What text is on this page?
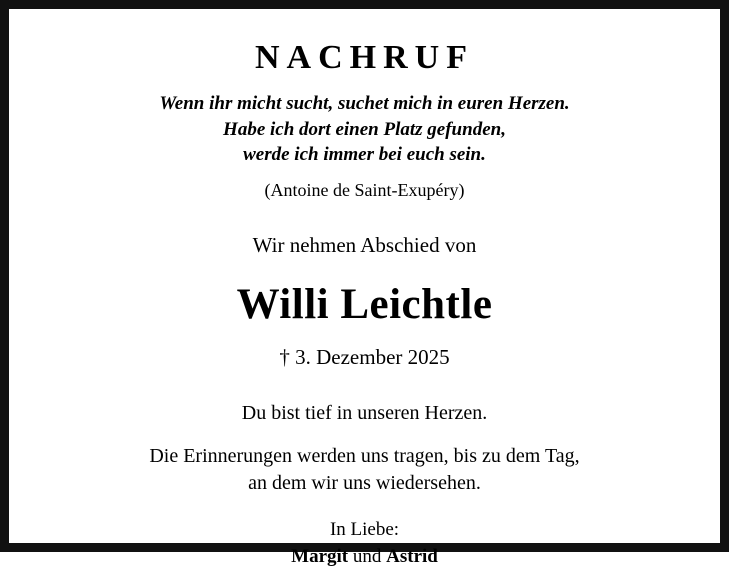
NACHRUF
Wenn ihr micht sucht, suchet mich in euren Herzen.
Habe ich dort einen Platz gefunden,
werde ich immer bei euch sein.
(Antoine de Saint-Exupéry)
Wir nehmen Abschied von
Willi Leichtle
† 3. Dezember 2025
Du bist tief in unseren Herzen.
Die Erinnerungen werden uns tragen, bis zu dem Tag,
an dem wir uns wiedersehen.
In Liebe:
Margit und Astrid
